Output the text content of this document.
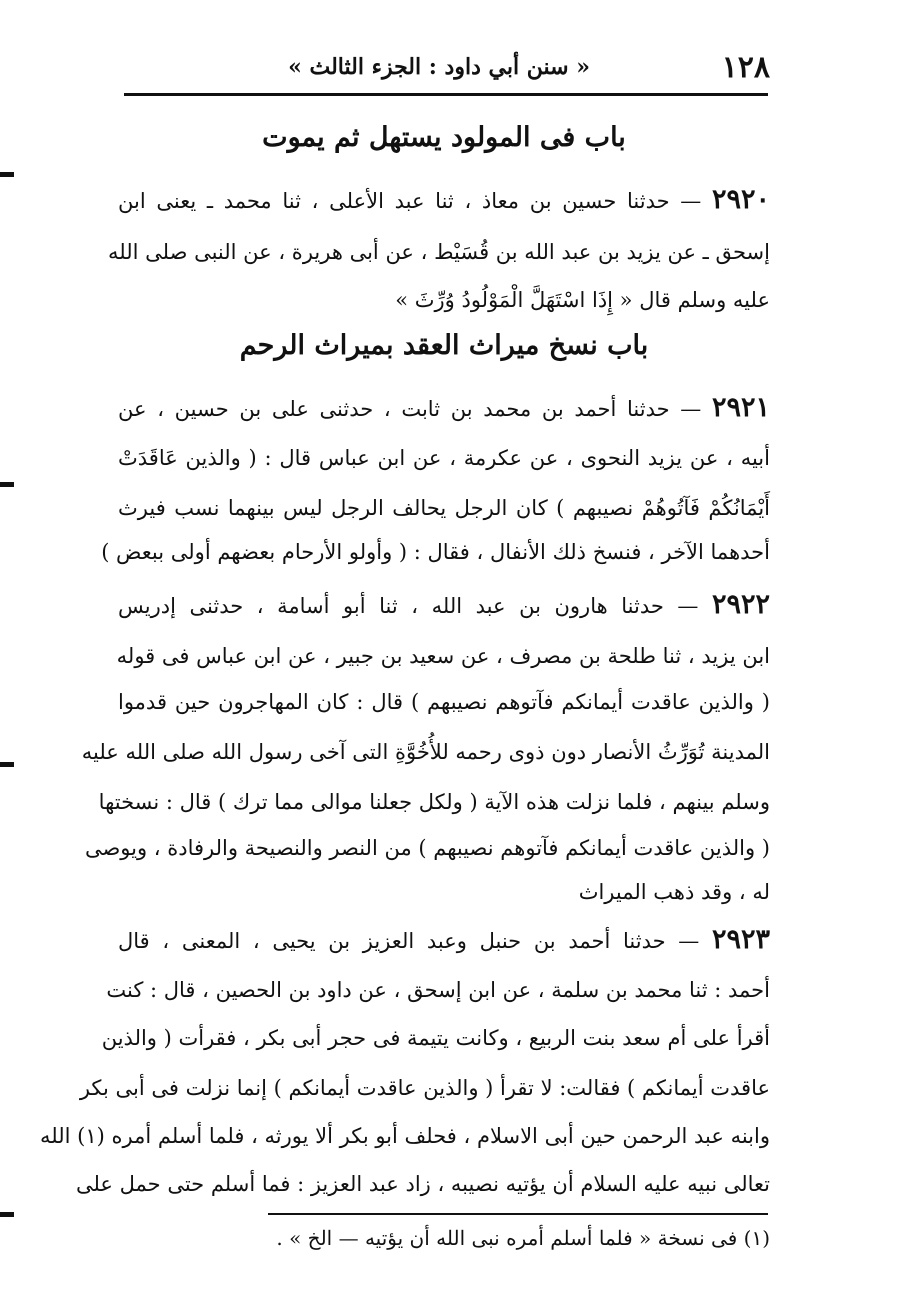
١٢٨
« سنن أبي داود : الجزء الثالث »
باب فى المولود يستهل ثم يموت
٢٩٢٠ — حدثنا حسين بن معاذ ، ثنا عبد الأعلى ، ثنا محمد ـ يعنى ابن
إسحق ـ عن يزيد بن عبد الله بن قُسَيْط ، عن أبى هريرة ، عن النبى صلى الله
عليه وسلم قال « إِذَا اسْتَهَلَّ الْمَوْلُودُ وُرِّثَ »
باب نسخ ميراث العقد بميراث الرحم
٢٩٢١ — حدثنا أحمد بن محمد بن ثابت ، حدثنى على بن حسين ، عن
أبيه ، عن يزيد النحوى ، عن عكرمة ، عن ابن عباس قال : ( والذين عَاقَدَتْ
أَيْمَانُكُمْ فَآتُوهُمْ نصيبهم ) كان الرجل يحالف الرجل ليس بينهما نسب فيرث
أحدهما الآخر ، فنسخ ذلك الأنفال ، فقال : ( وأولو الأرحام بعضهم أولى ببعض )
٢٩٢٢ — حدثنا هارون بن عبد الله ، ثنا أبو أسامة ، حدثنى إدريس
ابن يزيد ، ثنا طلحة بن مصرف ، عن سعيد بن جبير ، عن ابن عباس فى قوله
( والذين عاقدت أيمانكم فآتوهم نصيبهم ) قال : كان المهاجرون حين قدموا
المدينة تُوَرِّثُ الأنصار دون ذوى رحمه للأُخُوَّةِ التى آخى رسول الله صلى الله عليه
وسلم بينهم ، فلما نزلت هذه الآية ( ولكل جعلنا موالى مما ترك ) قال : نسختها
( والذين عاقدت أيمانكم فآتوهم نصيبهم ) من النصر والنصيحة والرفادة ، ويوصى
له ، وقد ذهب الميراث
٢٩٢٣ — حدثنا أحمد بن حنبل وعبد العزيز بن يحيى ، المعنى ، قال
أحمد : ثنا محمد بن سلمة ، عن ابن إسحق ، عن داود بن الحصين ، قال : كنت
أقرأ على أم سعد بنت الربيع ، وكانت يتيمة فى حجر أبى بكر ، فقرأت ( والذين
عاقدت أيمانكم ) فقالت: لا تقرأ ( والذين عاقدت أيمانكم ) إنما نزلت فى أبى بكر
وابنه عبد الرحمن حين أبى الاسلام ، فحلف أبو بكر ألا يورثه ، فلما أسلم أمره (١) الله
تعالى نبيه عليه السلام أن يؤتيه نصيبه ، زاد عبد العزيز : فما أسلم حتى حمل على
(١) فى نسخة « فلما أسلم أمره نبى الله أن يؤتيه — الخ » .
